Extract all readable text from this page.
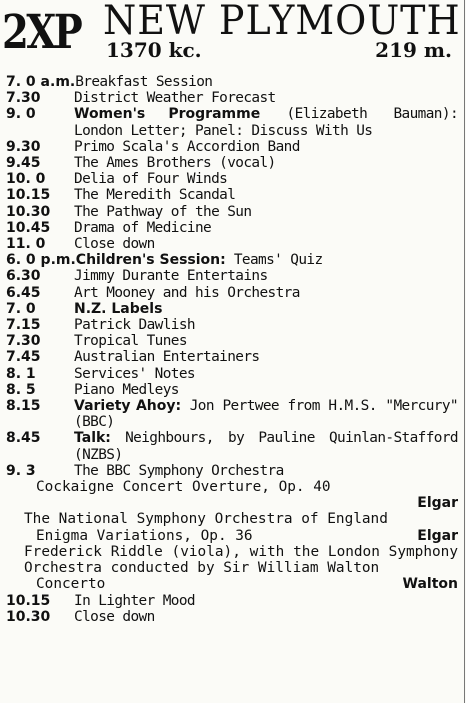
2XP NEW PLYMOUTH
1370 kc.	219 m.
7. 0 a.m. Breakfast Session
7.30	District Weather Forecast
9. 0	Women's Programme (Elizabeth Bauman): London Letter; Panel: Discuss With Us
9.30	Primo Scala's Accordion Band
9.45	The Ames Brothers (vocal)
10. 0	Delia of Four Winds
10.15	The Meredith Scandal
10.30	The Pathway of the Sun
10.45	Drama of Medicine
11. 0	Close down
6. 0 p.m. Children's Session: Teams' Quiz
6.30	Jimmy Durante Entertains
6.45	Art Mooney and his Orchestra
7. 0	N.Z. Labels
7.15	Patrick Dawlish
7.30	Tropical Tunes
7.45	Australian Entertainers
8. 1	Services' Notes
8. 5	Piano Medleys
8.15	Variety Ahoy: Jon Pertwee from H.M.S. "Mercury" (BBC)
8.45	Talk: Neighbours, by Pauline Quinlan-Stafford (NZBS)
9. 3	The BBC Symphony Orchestra
Cockaigne Concert Overture, Op. 40
Elgar
The National Symphony Orchestra of England
Enigma Variations, Op. 36	Elgar
Frederick Riddle (viola), with the London Symphony Orchestra conducted by Sir William Walton
Concerto	Walton
10.15	In Lighter Mood
10.30	Close down
